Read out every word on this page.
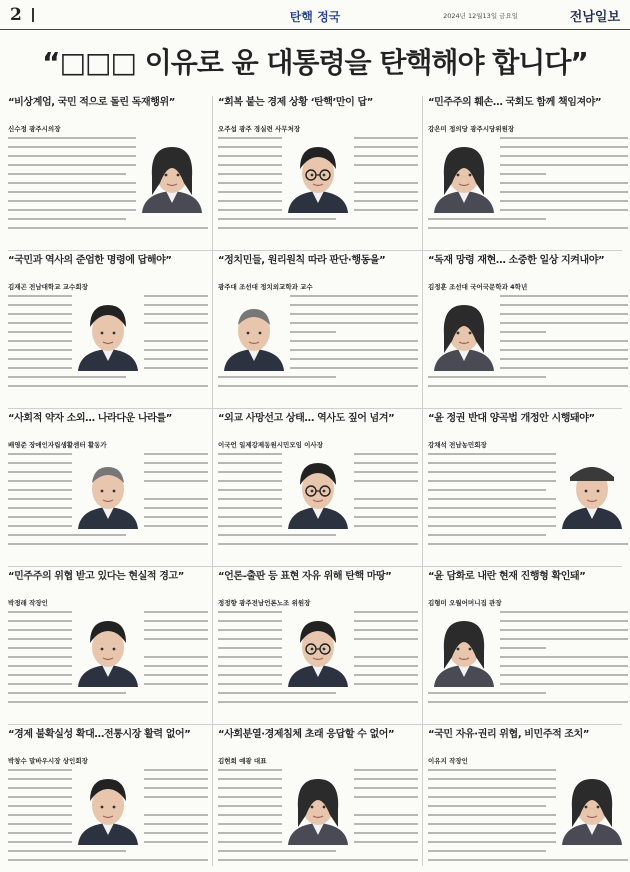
2	탄핵 정국	2024년 12월13일 금요일	전남일보
“□□□ 이유로 윤 대통령을 탄핵해야 합니다”
“비상계엄, 국민 적으로 돌린 독재행위”
신수정 광주시의장
“회복 붙는 경제 상황 ‘탄핵’만이 답”
오주섭 광주 경실련 사무처장
“민주주의 훼손… 국회도 함께 책임져야”
강은미 정의당 광주시당위원장
“국민과 역사의 준엄한 명령에 답해야”
김재곤 전남대학교 교수회장
“정치민들, 원리원칙 따라 판단·행동을”
광주대 조선대 정치외교학과 교수
“독재 망령 재현… 소중한 일상 지켜내야”
김정훈 조선대 국어국문학과 4학년
“사회적 약자 소외… 나라다운 나라를”
배영준 장애인자립생활센터 활동가
“외교 사망선고 상태… 역사도 짚어 넘겨”
이국언 일제강제동원시민모임 이사장
“윤 정권 반대 양곡법 개정안 시행돼야”
강채석 전남농민회장
“민주주의 위협 받고 있다는 현실적 경고”
박정래 작장인
“언론-출판 등 표현 자유 위해 탄핵 마땅”
정정향 광주전남언론노조 위원장
“윤 담화로 내란 현재 진행형 확인돼”
김형미 오월어머니집 관장
“경제 불확실성 확대…전통시장 활력 없어”
박창수 말바우시장 상인회장
“사회분열·경제침체 초래 응답할 수 없어”
김현희 예광 대표
“국민 자유·권리 위협, 비민주적 조치”
이유지 작장인
